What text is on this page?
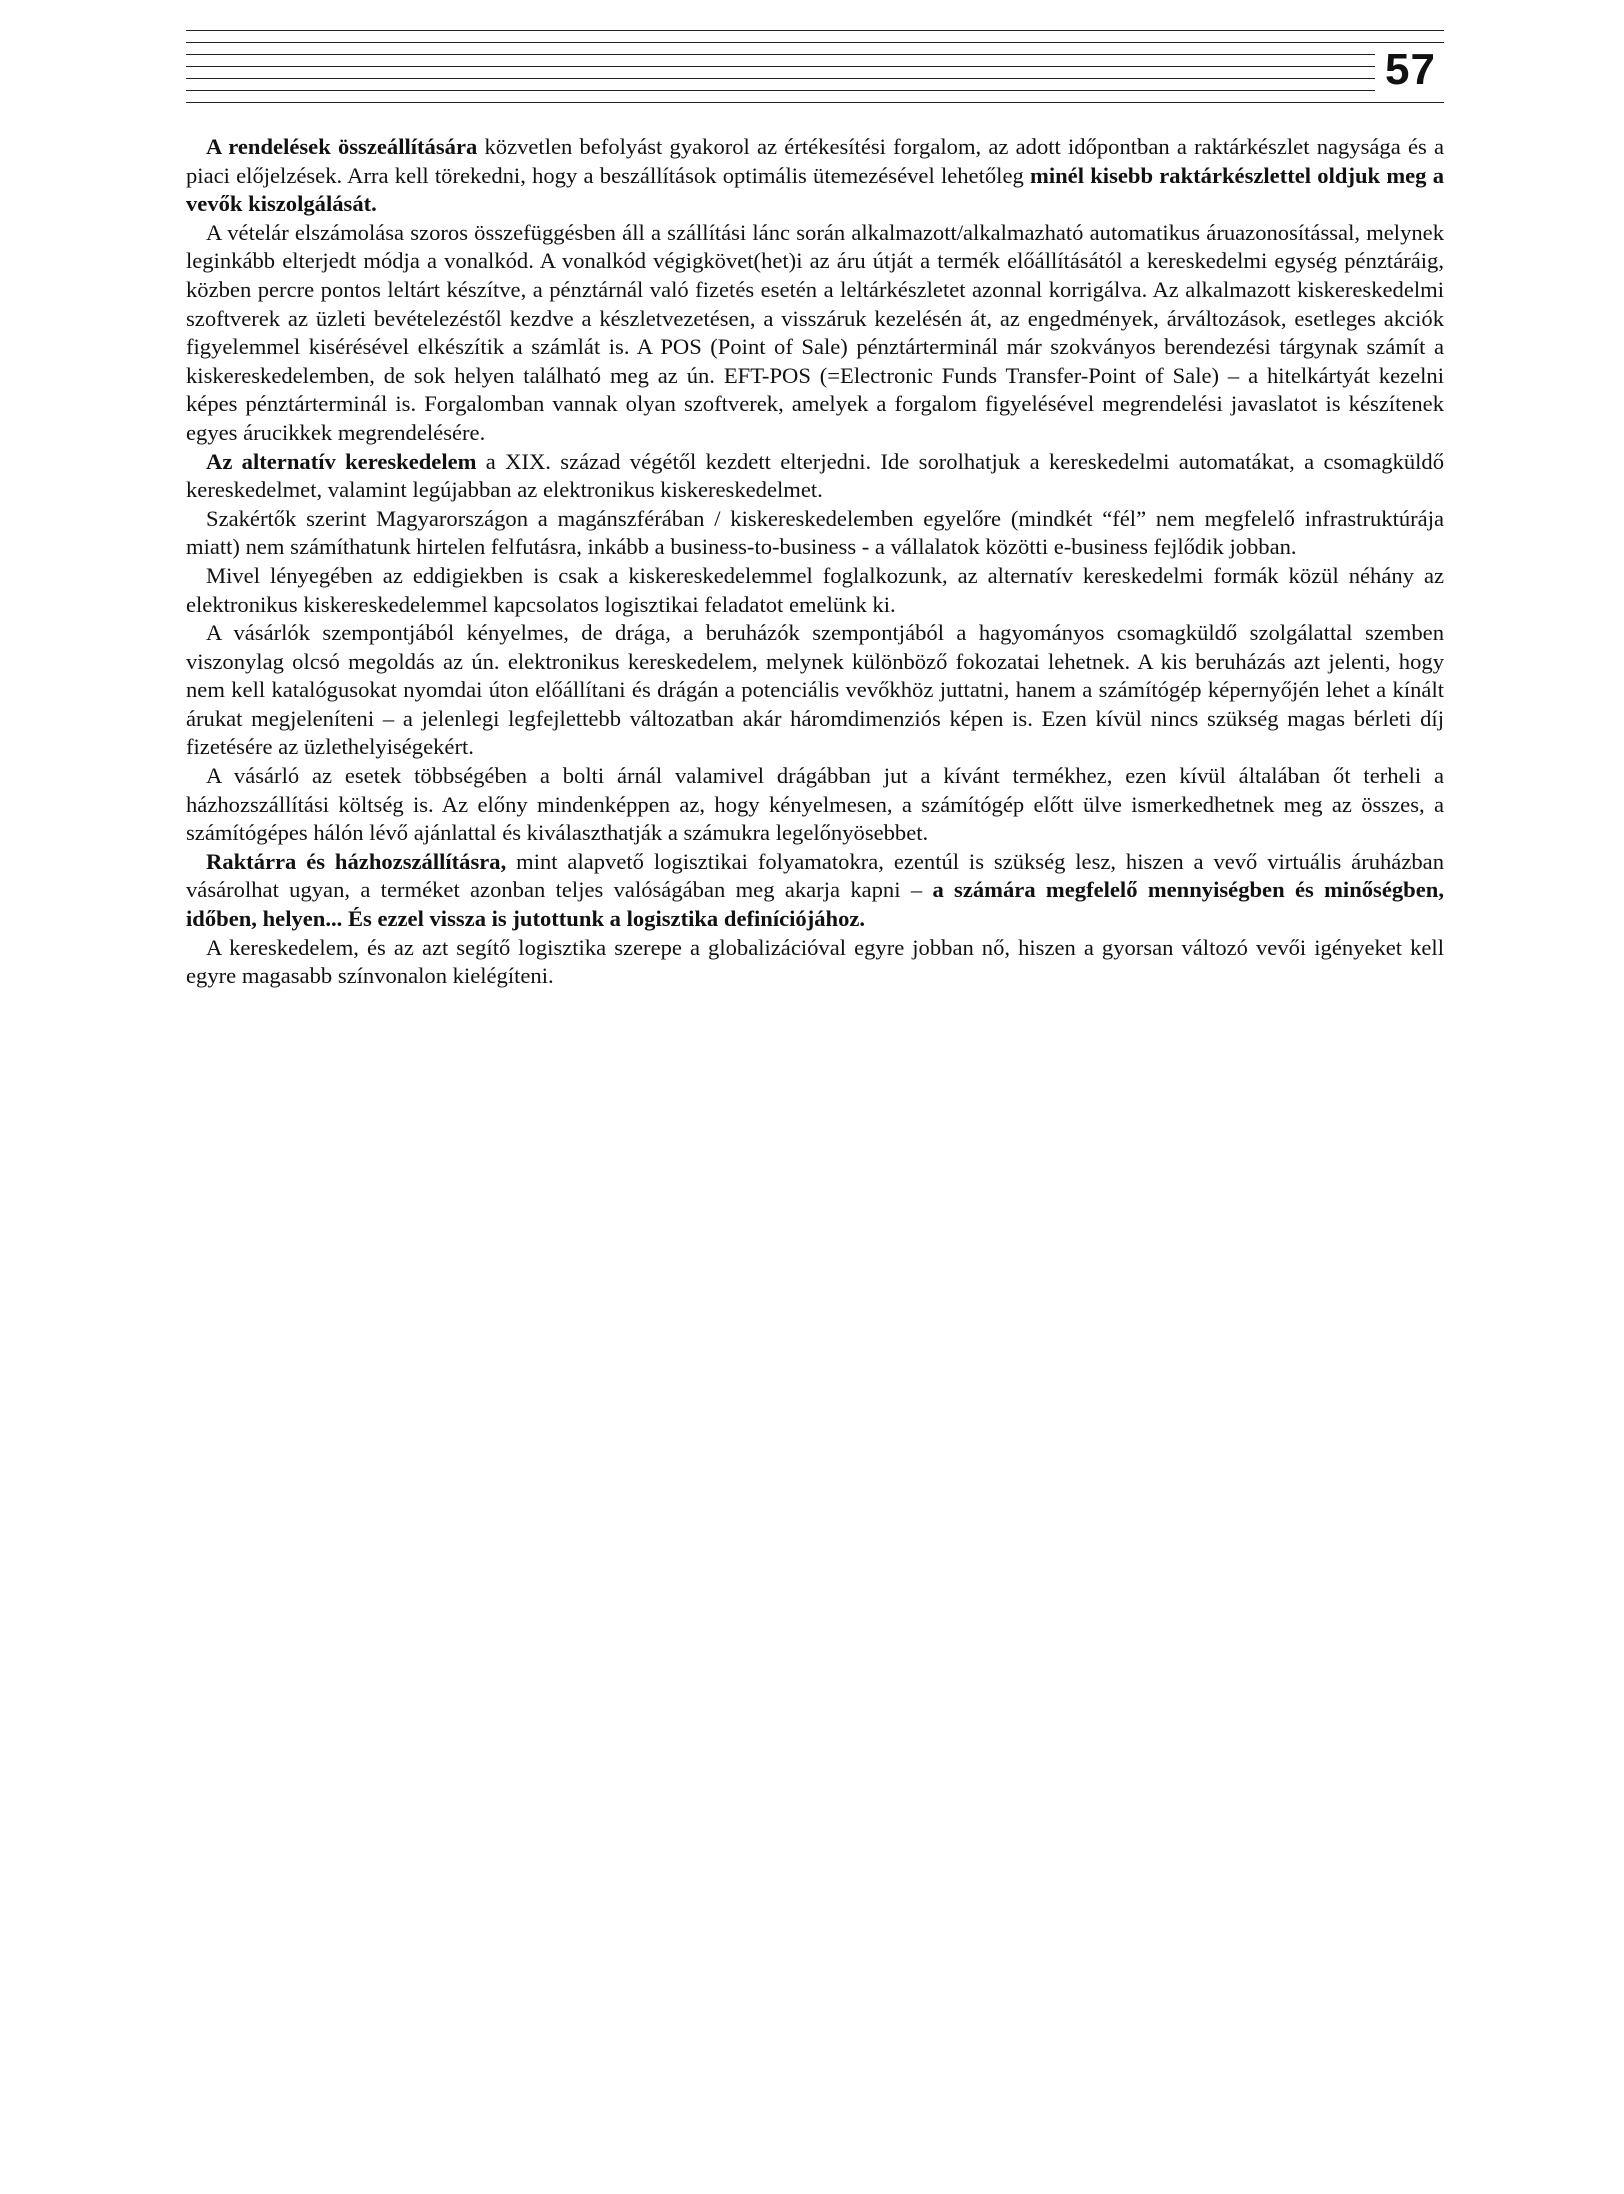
57

A rendelések összeállítására közvetlen befolyást gyakorol az értékesítési forgalom, az adott időpontban a raktárkészlet nagysága és a piaci előjelzések. Arra kell törekedni, hogy a beszállítások optimális ütemezésével lehetőleg minél kisebb raktárkészlettel oldjuk meg a vevők kiszolgálását.

A vételár elszámolása szoros összefüggésben áll a szállítási lánc során alkalmazott/alkalmazható automatikus áruazonosítással, melynek leginkább elterjedt módja a vonalkód. A vonalkód végigkövet(het)i az áru útját a termék előállításától a kereskedelmi egység pénztáráig, közben percre pontos leltárt készítve, a pénztárnál való fizetés esetén a leltárkészletet azonnal korrigálva. Az alkalmazott kiskereskedelmi szoftverek az üzleti bevételezéstől kezdve a készletvezetésen, a visszáruk kezelésén át, az engedmények, árváltozások, esetleges akciók figyelemmel kisérésével elkészítik a számlát is. A POS (Point of Sale) pénztárterminál már szokványos berendezési tárgynak számít a kiskereskedelemben, de sok helyen található meg az ún. EFT-POS (=Electronic Funds Transfer-Point of Sale) – a hitelkártyát kezelni képes pénztárterminál is. Forgalomban vannak olyan szoftverek, amelyek a forgalom figyelésével megrendelési javaslatot is készítenek egyes árucikkek megrendelésére.

Az alternatív kereskedelem a XIX. század végétől kezdett elterjedni. Ide sorolhatjuk a kereskedelmi automatákat, a csomagküldő kereskedelmet, valamint legújabban az elektronikus kiskereskedelmet.

Szakértők szerint Magyarországon a magánszférában / kiskereskedelemben egyelőre (mindkét “fél” nem megfelelő infrastruktúrája miatt) nem számíthatunk hirtelen felfutásra, inkább a business-to-business - a vállalatok közötti e-business fejlődik jobban.

Mivel lényegében az eddigiekben is csak a kiskereskedelemmel foglalkozunk, az alternatív kereskedelmi formák közül néhány az elektronikus kiskereskedelemmel kapcsolatos logisztikai feladatot emelünk ki.

A vásárlók szempontjából kényelmes, de drága, a beruházók szempontjából a hagyományos csomagküldő szolgálattal szemben viszonylag olcsó megoldás az ún. elektronikus kereskedelem, melynek különböző fokozatai lehetnek. A kis beruházás azt jelenti, hogy nem kell katalógusokat nyomdai úton előállítani és drágán a potenciális vevőkhöz juttatni, hanem a számítógép képernyőjén lehet a kínált árukat megjeleníteni – a jelenlegi legfejlettebb változatban akár háromdimenziós képen is. Ezen kívül nincs szükség magas bérleti díj fizetésére az üzlethelyiségekért.

A vásárló az esetek többségében a bolti árnál valamivel drágábban jut a kívánt termékhez, ezen kívül általában őt terheli a házhozszállítási költség is. Az előny mindenképpen az, hogy kényelmesen, a számítógép előtt ülve ismerkedhetnek meg az összes, a számítógépes hálón lévő ajánlattal és kiválaszthatják a számukra legelőnyösebbet.

Raktárra és házhozszállításra, mint alapvető logisztikai folyamatokra, ezentúl is szükség lesz, hiszen a vevő virtuális áruházban vásárolhat ugyan, a terméket azonban teljes valóságában meg akarja kapni – a számára megfelelő mennyiségben és minőségben, időben, helyen... És ezzel vissza is jutottunk a logisztika definíciójához.

A kereskedelem, és az azt segítő logisztika szerepe a globalizációval egyre jobban nő, hiszen a gyorsan változó vevői igényeket kell egyre magasabb színvonalon kielégíteni.
